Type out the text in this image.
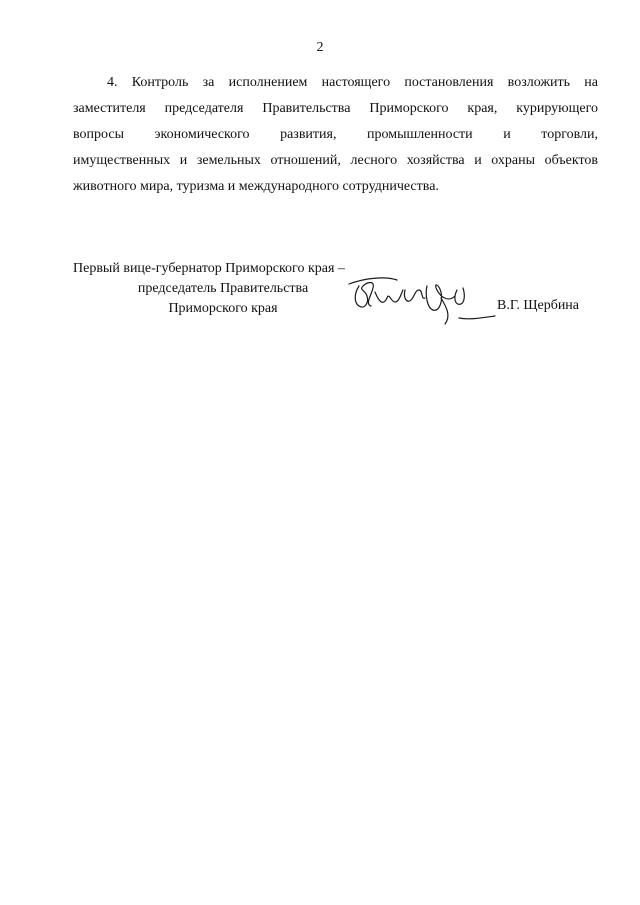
2

4. Контроль за исполнением настоящего постановления возложить на
заместителя председателя Правительства Приморского края, курирующего
вопросы экономического развития, промышленности и торговли,
имущественных и земельных отношений, лесного хозяйства и охраны объектов
животного мира, туризма и международного сотрудничества.

Первый вице-губернатор Приморского края –
председатель Правительства
Приморского края	В.Г. Щербина
